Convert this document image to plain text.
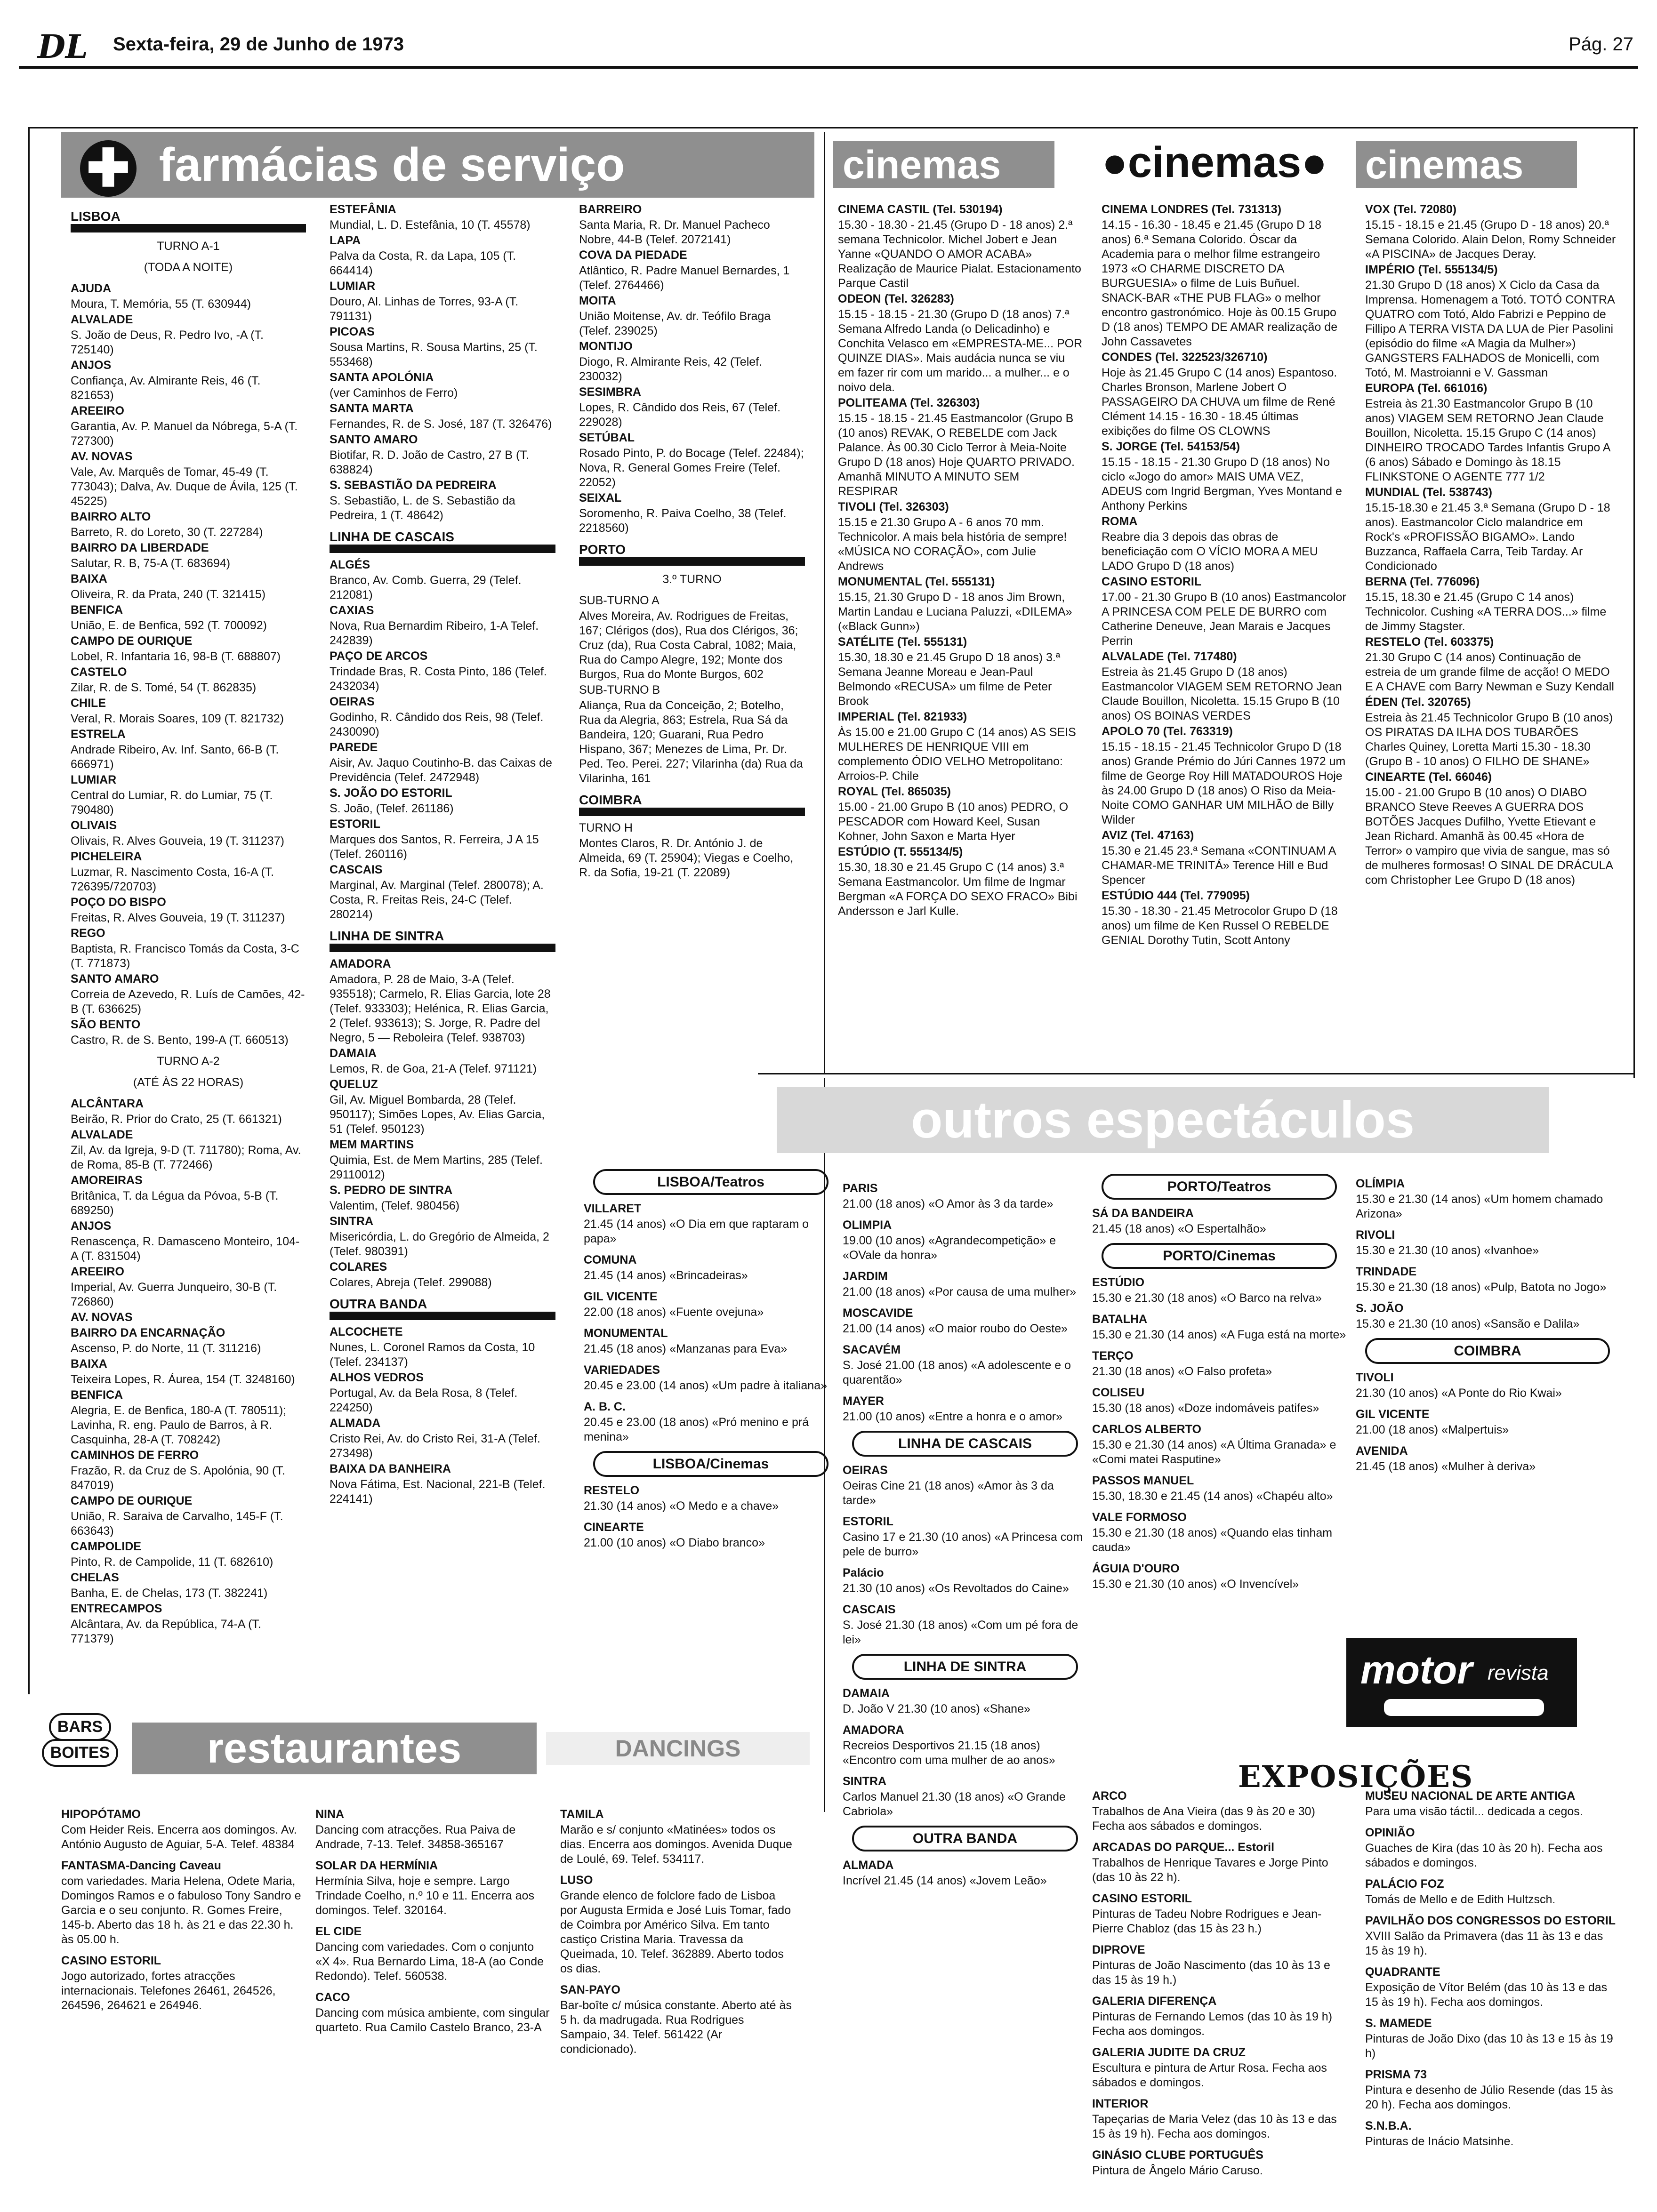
DL Sexta-feira, 29 de Junho de 1973	Pág. 27
✚ farmácias de serviço	cinemas	●cinemas● cinemas
LISBOA

TURNO A-1

(TODA A NOITE)

AJUDA

Moura, T. Memória, 55 (T. 630944)

ALVALADE

S. João de Deus, R. Pedro Ivo, -A (T. 725140)

ANJOS

Confiança, Av. Almirante Reis, 46 (T. 821653)

AREEIRO

Garantia, Av. P. Manuel da Nóbrega, 5-A (T. 727300)

AV. NOVAS

Vale, Av. Marquês de Tomar, 45-49 (T. 773043); Dalva, Av. Duque de Ávila, 125 (T. 45225)

BAIRRO ALTO

Barreto, R. do Loreto, 30 (T. 227284)

BAIRRO DA LIBERDADE

Salutar, R. B, 75-A (T. 683694)

BAIXA

Oliveira, R. da Prata, 240 (T. 321415)

BENFICA

União, E. de Benfica, 592 (T. 700092)

CAMPO DE OURIQUE

Lobel, R. Infantaria 16, 98-B (T. 688807)

CASTELO

Zilar, R. de S. Tomé, 54 (T. 862835)

CHILE

Veral, R. Morais Soares, 109 (T. 821732)

ESTRELA

Andrade Ribeiro, Av. Inf. Santo, 66-B (T. 666971)

LUMIAR

Central do Lumiar, R. do Lumiar, 75 (T. 790480)

OLIVAIS

Olivais, R. Alves Gouveia, 19 (T. 311237)

PICHELEIRA

Luzmar, R. Nascimento Costa, 16-A (T. 726395/720703)

POÇO DO BISPO

Freitas, R. Alves Gouveia, 19 (T. 311237)

REGO

Baptista, R. Francisco Tomás da Costa, 3-C (T. 771873)

SANTO AMARO

Correia de Azevedo, R. Luís de Camões, 42-B (T. 636625)

SÃO BENTO

Castro, R. de S. Bento, 199-A (T. 660513)

TURNO A-2

(ATÉ ÀS 22 HORAS)

ALCÂNTARA

Beirão, R. Prior do Crato, 25 (T. 661321)

ALVALADE

Zil, Av. da Igreja, 9-D (T. 711780); Roma, Av. de Roma, 85-B (T. 772466)

AMOREIRAS

Britânica, T. da Légua da Póvoa, 5-B (T. 689250)

ANJOS

Renascença, R. Damasceno Monteiro, 104-A (T. 831504)

AREEIRO

Imperial, Av. Guerra Junqueiro, 30-B (T. 726860)

AV. NOVAS

BAIRRO DA ENCARNAÇÃO

Ascenso, P. do Norte, 11 (T. 311216)

BAIXA

Teixeira Lopes, R. Áurea, 154 (T. 3248160)

BENFICA

Alegria, E. de Benfica, 180-A (T. 780511); Lavinha, R. eng. Paulo de Barros, à R. Casquinha, 28-A (T. 708242)

CAMINHOS DE FERRO

Frazão, R. da Cruz de S. Apolónia, 90 (T. 847019)

CAMPO DE OURIQUE

União, R. Saraiva de Carvalho, 145-F (T. 663643)

CAMPOLIDE

Pinto, R. de Campolide, 11 (T. 682610)

CHELAS

Banha, E. de Chelas, 173 (T. 382241)

ENTRECAMPOS

Alcântara, Av. da República, 74-A (T. 771379)

ESTEFÂNIA

Mundial, L. D. Estefânia, 10 (T. 45578)

LAPA

Palva da Costa, R. da Lapa, 105 (T. 664414)

LUMIAR

Douro, Al. Linhas de Torres, 93-A (T. 791131)

PICOAS

Sousa Martins, R. Sousa Martins, 25 (T. 553468)

SANTA APOLÓNIA

(ver Caminhos de Ferro)

SANTA MARTA

Fernandes, R. de S. José, 187 (T. 326476)

SANTO AMARO

Biotifar, R. D. João de Castro, 27 B (T. 638824)

S. SEBASTIÃO DA PEDREIRA

S. Sebastião, L. de S. Sebastião da Pedreira, 1 (T. 48642)

LINHA DE CASCAIS

ALGÉS

Branco, Av. Comb. Guerra, 29 (Telef. 212081)

CAXIAS

Nova, Rua Bernardim Ribeiro, 1-A Telef. 242839)

PAÇO DE ARCOS

Trindade Bras, R. Costa Pinto, 186 (Telef. 2432034)

OEIRAS

Godinho, R. Cândido dos Reis, 98 (Telef. 2430090)

PAREDE

Aisir, Av. Jaquo Coutinho-B. das Caixas de Previdência (Telef. 2472948)

S. JOÃO DO ESTORIL

S. João, (Telef. 261186)

ESTORIL

Marques dos Santos, R. Ferreira, J A 15 (Telef. 260116)

CASCAIS

Marginal, Av. Marginal (Telef. 280078); A. Costa, R. Freitas Reis, 24-C (Telef. 280214)

LINHA DE SINTRA

AMADORA

Amadora, P. 28 de Maio, 3-A (Telef. 935518); Carmelo, R. Elias Garcia, lote 28 (Telef. 933303); Helénica, R. Elias Garcia, 2 (Telef. 933613); S. Jorge, R. Padre del Negro, 5 — Reboleira (Telef. 938703)

DAMAIA

Lemos, R. de Goa, 21-A (Telef. 971121)

QUELUZ

Gil, Av. Miguel Bombarda, 28 (Telef. 950117); Simões Lopes, Av. Elias Garcia, 51 (Telef. 950123)

MEM MARTINS

Quimia, Est. de Mem Martins, 285 (Telef. 29110012)

S. PEDRO DE SINTRA

Valentim, (Telef. 980456)

SINTRA

Misericórdia, L. do Gregório de Almeida, 2 (Telef. 980391)

COLARES

Colares, Abreja (Telef. 299088)

OUTRA BANDA

ALCOCHETE

Nunes, L. Coronel Ramos da Costa, 10 (Telef. 234137)

ALHOS VEDROS

Portugal, Av. da Bela Rosa, 8 (Telef. 224250)

ALMADA

Cristo Rei, Av. do Cristo Rei, 31-A (Telef. 273498)

BAIXA DA BANHEIRA

Nova Fátima, Est. Nacional, 221-B (Telef. 224141)

BARREIRO

Santa Maria, R. Dr. Manuel Pacheco Nobre, 44-B (Telef. 2072141)

COVA DA PIEDADE

Atlântico, R. Padre Manuel Bernardes, 1 (Telef. 2764466)

MOITA

União Moitense, Av. dr. Teófilo Braga (Telef. 239025)

MONTIJO

Diogo, R. Almirante Reis, 42 (Telef. 230032)

SESIMBRA

Lopes, R. Cândido dos Reis, 67 (Telef. 229028)

SETÚBAL

Rosado Pinto, P. do Bocage (Telef. 22484); Nova, R. General Gomes Freire (Telef. 22052)

SEIXAL

Soromenho, R. Paiva Coelho, 38 (Telef. 2218560)

PORTO

3.º TURNO

SUB-TURNO A

Alves Moreira, Av. Rodrigues de Freitas, 167; Clérigos (dos), Rua dos Clérigos, 36; Cruz (da), Rua Costa Cabral, 1082; Maia, Rua do Campo Alegre, 192; Monte dos Burgos, Rua do Monte Burgos, 602

SUB-TURNO B

Aliança, Rua da Conceição, 2; Botelho, Rua da Alegria, 863; Estrela, Rua Sá da Bandeira, 120; Guarani, Rua Pedro Hispano, 367; Menezes de Lima, Pr. Dr. Ped. Teo. Perei. 227; Vilarinha (da) Rua da Vilarinha, 161

COIMBRA

TURNO H

Montes Claros, R. Dr. António J. de Almeida, 69 (T. 25904); Viegas e Coelho, R. da Sofia, 19-21 (T. 22089)

CINEMA CASTIL (Tel. 530194)

15.30 - 18.30 - 21.45 (Grupo D - 18 anos) 2.ª semana Technicolor. Michel Jobert e Jean Yanne «QUANDO O AMOR ACABA» Realização de Maurice Pialat. Estacionamento Parque Castil

ODEON (Tel. 326283)

15.15 - 18.15 - 21.30 (Grupo D (18 anos) 7.ª Semana Alfredo Landa (o Delicadinho) e Conchita Velasco em «EMPRESTA-ME... POR QUINZE DIAS». Mais audácia nunca se viu em fazer rir com um marido... a mulher... e o noivo dela.

POLITEAMA (Tel. 326303)

15.15 - 18.15 - 21.45 Eastmancolor (Grupo B (10 anos) REVAK, O REBELDE com Jack Palance. Às 00.30 Ciclo Terror à Meia-Noite Grupo D (18 anos) Hoje QUARTO PRIVADO. Amanhã MINUTO A MINUTO SEM RESPIRAR

TIVOLI (Tel. 326303)

15.15 e 21.30 Grupo A - 6 anos 70 mm. Technicolor. A mais bela história de sempre! «MÚSICA NO CORAÇÃO», com Julie Andrews

MONUMENTAL (Tel. 555131)

15.15, 21.30 Grupo D - 18 anos Jim Brown, Martin Landau e Luciana Paluzzi, «DILEMA» («Black Gunn»)

SATÉLITE (Tel. 555131)

15.30, 18.30 e 21.45 Grupo D 18 anos) 3.ª Semana Jeanne Moreau e Jean-Paul Belmondo «RECUSA» um filme de Peter Brook

IMPERIAL (Tel. 821933)

Às 15.00 e 21.00 Grupo C (14 anos) AS SEIS MULHERES DE HENRIQUE VIII em complemento ÓDIO VELHO Metropolitano: Arroios-P. Chile

ROYAL (Tel. 865035)

15.00 - 21.00 Grupo B (10 anos) PEDRO, O PESCADOR com Howard Keel, Susan Kohner, John Saxon e Marta Hyer

ESTÚDIO (T. 555134/5)

15.30, 18.30 e 21.45 Grupo C (14 anos) 3.ª Semana Eastmancolor. Um filme de Ingmar Bergman «A FORÇA DO SEXO FRACO» Bibi Andersson e Jarl Kulle.

CINEMA LONDRES (Tel. 731313)

14.15 - 16.30 - 18.45 e 21.45 (Grupo D 18 anos) 6.ª Semana Colorido. Óscar da Academia para o melhor filme estrangeiro 1973 «O CHARME DISCRETO DA BURGUESIA» o filme de Luis Buñuel. SNACK-BAR «THE PUB FLAG» o melhor encontro gastronómico. Hoje às 00.15 Grupo D (18 anos) TEMPO DE AMAR realização de John Cassavetes

CONDES (Tel. 322523/326710)

Hoje às 21.45 Grupo C (14 anos) Espantoso. Charles Bronson, Marlene Jobert O PASSAGEIRO DA CHUVA um filme de René Clément 14.15 - 16.30 - 18.45 últimas exibições do filme OS CLOWNS

S. JORGE (Tel. 54153/54)

15.15 - 18.15 - 21.30 Grupo D (18 anos) No ciclo «Jogo do amor» MAIS UMA VEZ, ADEUS com Ingrid Bergman, Yves Montand e Anthony Perkins

ROMA

Reabre dia 3 depois das obras de beneficiação com O VÍCIO MORA A MEU LADO Grupo D (18 anos)

CASINO ESTORIL

17.00 - 21.30 Grupo B (10 anos) Eastmancolor A PRINCESA COM PELE DE BURRO com Catherine Deneuve, Jean Marais e Jacques Perrin

ALVALADE (Tel. 717480)

Estreia às 21.45 Grupo D (18 anos) Eastmancolor VIAGEM SEM RETORNO Jean Claude Bouillon, Nicoletta. 15.15 Grupo B (10 anos) OS BOINAS VERDES

APOLO 70 (Tel. 763319)

15.15 - 18.15 - 21.45 Technicolor Grupo D (18 anos) Grande Prémio do Júri Cannes 1972 um filme de George Roy Hill MATADOUROS Hoje às 24.00 Grupo D (18 anos) O Riso da Meia-Noite COMO GANHAR UM MILHÃO de Billy Wilder

AVIZ (Tel. 47163)

15.30 e 21.45 23.ª Semana «CONTINUAM A CHAMAR-ME TRINITÁ» Terence Hill e Bud Spencer

ESTÚDIO 444 (Tel. 779095)

15.30 - 18.30 - 21.45 Metrocolor Grupo D (18 anos) um filme de Ken Russel O REBELDE GENIAL Dorothy Tutin, Scott Antony

VOX (Tel. 72080)

15.15 - 18.15 e 21.45 (Grupo D - 18 anos) 20.ª Semana Colorido. Alain Delon, Romy Schneider «A PISCINA» de Jacques Deray.

IMPÉRIO (Tel. 555134/5)

21.30 Grupo D (18 anos) X Ciclo da Casa da Imprensa. Homenagem a Totó. TOTÓ CONTRA QUATRO com Totó, Aldo Fabrizi e Peppino de Fillipo A TERRA VISTA DA LUA de Pier Pasolini (episódio do filme «A Magia da Mulher») GANGSTERS FALHADOS de Monicelli, com Totó, M. Mastroianni e V. Gassman

EUROPA (Tel. 661016)

Estreia às 21.30 Eastmancolor Grupo B (10 anos) VIAGEM SEM RETORNO Jean Claude Bouillon, Nicoletta. 15.15 Grupo C (14 anos) DINHEIRO TROCADO Tardes Infantis Grupo A (6 anos) Sábado e Domingo às 18.15 FLINKSTONE O AGENTE 777 1/2

MUNDIAL (Tel. 538743)

15.15-18.30 e 21.45 3.ª Semana (Grupo D - 18 anos). Eastmancolor Ciclo malandrice em Rock's «PROFISSÃO BIGAMO». Lando Buzzanca, Raffaela Carra, Teib Tarday. Ar Condicionado

BERNA (Tel. 776096)

15.15, 18.30 e 21.45 (Grupo C 14 anos) Technicolor. Cushing «A TERRA DOS...» filme de Jimmy Stagster.

RESTELO (Tel. 603375)

21.30 Grupo C (14 anos) Continuação de estreia de um grande filme de acção! O MEDO E A CHAVE com Barry Newman e Suzy Kendall

ÉDEN (Tel. 320765)

Estreia às 21.45 Technicolor Grupo B (10 anos) OS PIRATAS DA ILHA DOS TUBARÕES Charles Quiney, Loretta Marti 15.30 - 18.30 (Grupo B - 10 anos) O FILHO DE SHANE»

CINEARTE (Tel. 66046)

15.00 - 21.00 Grupo B (10 anos) O DIABO BRANCO Steve Reeves A GUERRA DOS BOTÕES Jacques Dufilho, Yvette Etievant e Jean Richard. Amanhã às 00.45 «Hora de Terror» o vampiro que vivia de sangue, mas só de mulheres formosas! O SINAL DE DRÁCULA com Christopher Lee Grupo D (18 anos)

outros espectáculos
LISBOA/Teatros

VILLARET

21.45 (14 anos) «O Dia em que raptaram o papa»

COMUNA

21.45 (14 anos) «Brincadeiras»

GIL VICENTE

22.00 (18 anos) «Fuente ovejuna»

MONUMENTAL

21.45 (18 anos) «Manzanas para Eva»

VARIEDADES

20.45 e 23.00 (14 anos) «Um padre à italiana»

A. B. C.

20.45 e 23.00 (18 anos) «Pró menino e prá menina»

LISBOA/Cinemas

RESTELO

21.30 (14 anos) «O Medo e a chave»

CINEARTE

21.00 (10 anos) «O Diabo branco»

PARIS

21.00 (18 anos) «O Amor às 3 da tarde»

OLIMPIA

19.00 (10 anos) «Agrandecompetição» e «OVale da honra»

JARDIM

21.00 (18 anos) «Por causa de uma mulher»

MOSCAVIDE

21.00 (14 anos) «O maior roubo do Oeste»

SACAVÉM

S. José 21.00 (18 anos) «A adolescente e o quarentão»

MAYER

21.00 (10 anos) «Entre a honra e o amor»

LINHA DE CASCAIS

OEIRAS

Oeiras Cine 21 (18 anos) «Amor às 3 da tarde»

ESTORIL

Casino 17 e 21.30 (10 anos) «A Princesa com pele de burro»

Palácio

21.30 (10 anos) «Os Revoltados do Caine»

CASCAIS

S. José 21.30 (18 anos) «Com um pé fora de lei»

LINHA DE SINTRA

DAMAIA

D. João V 21.30 (10 anos) «Shane»

AMADORA

Recreios Desportivos 21.15 (18 anos) «Encontro com uma mulher de ao anos»

SINTRA

Carlos Manuel 21.30 (18 anos) «O Grande Cabriola»

OUTRA BANDA

ALMADA

Incrível 21.45 (14 anos) «Jovem Leão»

PORTO/Teatros

SÁ DA BANDEIRA

21.45 (18 anos) «O Espertalhão»

PORTO/Cinemas

ESTÚDIO

15.30 e 21.30 (18 anos) «O Barco na relva»

BATALHA

15.30 e 21.30 (14 anos) «A Fuga está na morte»

TERÇO

21.30 (18 anos) «O Falso profeta»

COLISEU

15.30 (18 anos) «Doze indomáveis patifes»

CARLOS ALBERTO

15.30 e 21.30 (14 anos) «A Última Granada» e «Comi matei Rasputine»

PASSOS MANUEL

15.30, 18.30 e 21.45 (14 anos) «Chapéu alto»

VALE FORMOSO

15.30 e 21.30 (18 anos) «Quando elas tinham cauda»

ÁGUIA D'OURO

15.30 e 21.30 (10 anos) «O Invencível»

OLÍMPIA

15.30 e 21.30 (14 anos) «Um homem chamado Arizona»

RIVOLI

15.30 e 21.30 (10 anos) «Ivanhoe»

TRINDADE

15.30 e 21.30 (18 anos) «Pulp, Batota no Jogo»

S. JOÃO

15.30 e 21.30 (10 anos) «Sansão e Dalila»

COIMBRA

TIVOLI

21.30 (10 anos) «A Ponte do Rio Kwai»

GIL VICENTE

21.00 (18 anos) «Malpertuis»

AVENIDA

21.45 (18 anos) «Mulher à deriva»

motor revista
EXPOSIÇÕES

ARCO

Trabalhos de Ana Vieira (das 9 às 20 e 30) Fecha aos sábados e domingos.

ARCADAS DO PARQUE... Estoril

Trabalhos de Henrique Tavares e Jorge Pinto (das 10 às 22 h).

CASINO ESTORIL

Pinturas de Tadeu Nobre Rodrigues e Jean-Pierre Chabloz (das 15 às 23 h.)

DIPROVE

Pinturas de João Nascimento (das 10 às 13 e das 15 às 19 h.)

GALERIA DIFERENÇA

Pinturas de Fernando Lemos (das 10 às 19 h) Fecha aos domingos.

GALERIA JUDITE DA CRUZ

Escultura e pintura de Artur Rosa. Fecha aos sábados e domingos.

INTERIOR

Tapeçarias de Maria Velez (das 10 às 13 e das 15 às 19 h). Fecha aos domingos.

GINÁSIO CLUBE PORTUGUÊS

Pintura de Ângelo Mário Caruso.

MUSEU NACIONAL DE ARTE ANTIGA

Para uma visão táctil... dedicada a cegos.

OPINIÃO

Guaches de Kira (das 10 às 20 h). Fecha aos sábados e domingos.

PALÁCIO FOZ

Tomás de Mello e de Edith Hultzsch.

PAVILHÃO DOS CONGRESSOS DO ESTORIL

XVIII Salão da Primavera (das 11 às 13 e das 15 às 19 h).

QUADRANTE

Exposição de Vítor Belém (das 10 às 13 e das 15 às 19 h). Fecha aos domingos.

S. MAMEDE

Pinturas de João Dixo (das 10 às 13 e 15 às 19 h)

PRISMA 73

Pintura e desenho de Júlio Resende (das 15 às 20 h). Fecha aos domingos.

S.N.B.A.

Pinturas de Inácio Matsinhe.

BARS BOITES	restaurantes	DANCINGS

HIPOPÓTAMO

Com Heider Reis. Encerra aos domingos. Av. António Augusto de Aguiar, 5-A. Telef. 48384

FANTASMA-Dancing Caveau

com variedades. Maria Helena, Odete Maria, Domingos Ramos e o fabuloso Tony Sandro e Garcia e o seu conjunto. R. Gomes Freire, 145-b. Aberto das 18 h. às 21 e das 22.30 h. às 05.00 h.

CASINO ESTORIL

Jogo autorizado, fortes atracções internacionais. Telefones 26461, 264526, 264596, 264621 e 264946.

NINA

Dancing com atracções. Rua Paiva de Andrade, 7-13. Telef. 34858-365167

SOLAR DA HERMÍNIA

Hermínia Silva, hoje e sempre. Largo Trindade Coelho, n.º 10 e 11. Encerra aos domingos. Telef. 320164.

EL CIDE

Dancing com variedades. Com o conjunto «X 4». Rua Bernardo Lima, 18-A (ao Conde Redondo). Telef. 560538.

CACO

Dancing com música ambiente, com singular quarteto. Rua Camilo Castelo Branco, 23-A

TAMILA

Marão e s/ conjunto «Matinées» todos os dias. Encerra aos domingos. Avenida Duque de Loulé, 69. Telef. 534117.

LUSO

Grande elenco de folclore fado de Lisboa por Augusta Ermida e José Luis Tomar, fado de Coimbra por Américo Silva. Em tanto castiço Cristina Maria. Travessa da Queimada, 10. Telef. 362889. Aberto todos os dias.

SAN-PAYO

Bar-boîte c/ música constante. Aberto até às 5 h. da madrugada. Rua Rodrigues Sampaio, 34. Telef. 561422 (Ar condicionado).
